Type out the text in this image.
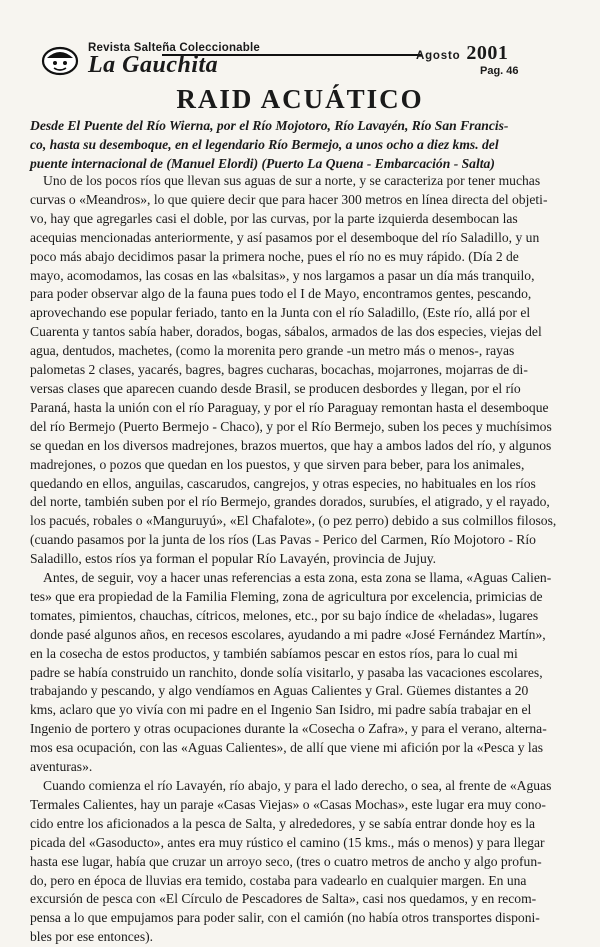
Revista Salteña Coleccionable
La Gauchita	Agosto 2001
Pag. 46
RAID ACUÁTICO
Desde El Puente del Río Wierna, por el Río Mojotoro, Río Lavayén, Río San Francis-
co, hasta su desemboque, en el legendario Río Bermejo, a unos ocho a diez kms. del
puente internacional de (Manuel Elordi) (Puerto La Quena - Embarcación - Salta)
Uno de los pocos ríos que llevan sus aguas de sur a norte, y se caracteriza por tener muchas
curvas o «Meandros», lo que quiere decir que para hacer 300 metros en línea directa del objeti-
vo, hay que agregarles casi el doble, por las curvas, por la parte izquierda desembocan las
acequias mencionadas anteriormente, y así pasamos por el desemboque del río Saladillo, y un
poco más abajo decidimos pasar la primera noche, pues el río no es muy rápido. (Día 2 de
mayo, acomodamos, las cosas en las «balsitas», y nos largamos a pasar un día más tranquilo,
para poder observar algo de la fauna pues todo el I de Mayo, encontramos gentes, pescando,
aprovechando ese popular feriado, tanto en la Junta con el río Saladillo, (Este río, allá por el
Cuarenta y tantos sabía haber, dorados, bogas, sábalos, armados de las dos especies, viejas del
agua, dentudos, machetes, (como la morenita pero grande -un metro más o menos-, rayas
palometas 2 clases, yacarés, bagres, bagres cucharas, bocachas, mojarrones, mojarras de di-
versas clases que aparecen cuando desde Brasil, se producen desbordes y llegan, por el río
Paraná, hasta la unión con el río Paraguay, y por el río Paraguay remontan hasta el desemboque
del río Bermejo (Puerto Bermejo - Chaco), y por el Río Bermejo, suben los peces y muchísimos
se quedan en los diversos madrejones, brazos muertos, que hay a ambos lados del río, y algunos
madrejones, o pozos que quedan en los puestos, y que sirven para beber, para los animales,
quedando en ellos, anguilas, cascarudos, cangrejos, y otras especies, no habituales en los ríos
del norte, también suben por el río Bermejo, grandes dorados, surubíes, el atigrado, y el rayado,
los pacués, robales o «Manguruyú», «El Chafalote», (o pez perro) debido a sus colmillos filosos,
(cuando pasamos por la junta de los ríos (Las Pavas - Perico del Carmen, Río Mojotoro - Río
Saladillo, estos ríos ya forman el popular Río Lavayén, provincia de Jujuy.
Antes, de seguir, voy a hacer unas referencias a esta zona, esta zona se llama, «Aguas Calien-
tes» que era propiedad de la Familia Fleming, zona de agricultura por excelencia, primicias de
tomates, pimientos, chauchas, cítricos, melones, etc., por su bajo índice de «heladas», lugares
donde pasé algunos años, en recesos escolares, ayudando a mi padre «José Fernández Martín»,
en la cosecha de estos productos, y también sabíamos pescar en estos ríos, para lo cual mi
padre se había construido un ranchito, donde solía visitarlo, y pasaba las vacaciones escolares,
trabajando y pescando, y algo vendíamos en Aguas Calientes y Gral. Güemes distantes a 20
kms, aclaro que yo vivía con mi padre en el Ingenio San Isidro, mi padre sabía trabajar en el
Ingenio de portero y otras ocupaciones durante la «Cosecha o Zafra», y para el verano, alterna-
mos esa ocupación, con las «Aguas Calientes», de allí que viene mi afición por la «Pesca y las
aventuras».
Cuando comienza el río Lavayén, río abajo, y para el lado derecho, o sea, al frente de «Aguas
Termales Calientes, hay un paraje «Casas Viejas» o «Casas Mochas», este lugar era muy cono-
cido entre los aficionados a la pesca de Salta, y alrededores, y se sabía entrar donde hoy es la
picada del «Gasoducto», antes era muy rústico el camino (15 kms., más o menos) y para llegar
hasta ese lugar, había que cruzar un arroyo seco, (tres o cuatro metros de ancho y algo profun-
do, pero en época de lluvias era temido, costaba para vadearlo en cualquier margen. En una
excursión de pesca con «El Círculo de Pescadores de Salta», casi nos quedamos, y en recom-
pensa a lo que empujamos para poder salir, con el camión (no había otros transportes disponi-
bles por ese entonces).
